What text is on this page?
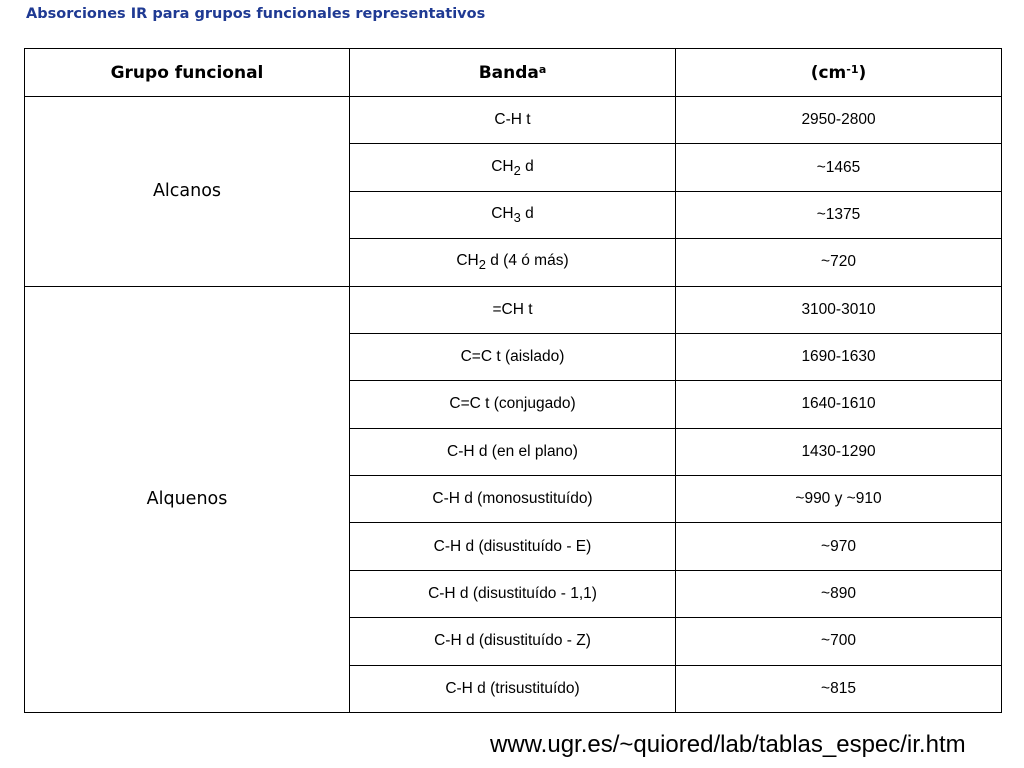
Absorciones IR para grupos funcionales representativos
Grupo funcional	Banda$^a$	$(cm^{-1})$
Alcanos	C-H t	2950-2800
	$CH_2$ d	~1465
	$CH_3$ d	~1375
	$CH_2$ d (4 ó más)	~720
Alquenos	=CH t	3100-3010
	C=C t (aislado)	1690-1630
	C=C t (conjugado)	1640-1610
	C-H d (en el plano)	1430-1290
	C-H d (monosustituído)	~990 y ~910
	C-H d (disustituído - E)	~970
	C-H d (disustituído - 1,1)	~890
	C-H d (disustituído - Z)	~700
	C-H d (trisustituído)	~815
www.ugr.es/~quiored/lab/tablas_espec/ir.htm
